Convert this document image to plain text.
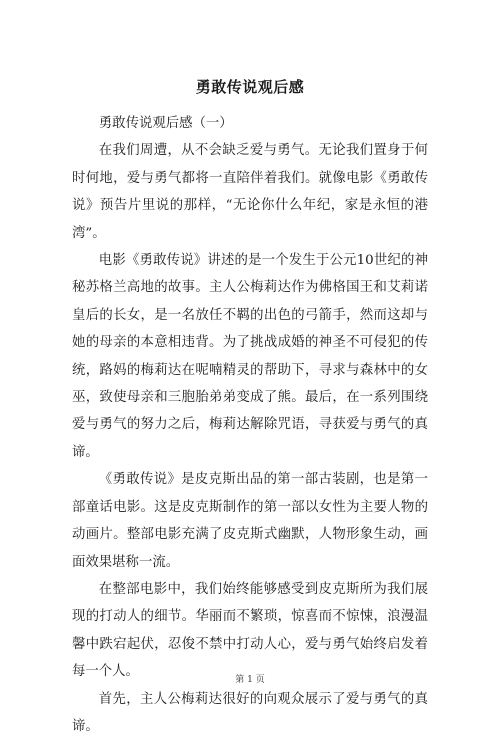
勇敢传说观后感

勇敢传说观后感（一）

在我们周遭，从不会缺乏爱与勇气。无论我们置身于何时何地，爱与勇气都将一直陪伴着我们。就像电影《勇敢传说》预告片里说的那样，“无论你什么年纪，家是永恒的港湾”。

电影《勇敢传说》讲述的是一个发生于公元10世纪的神秘苏格兰高地的故事。主人公梅莉达作为佛格国王和艾莉诺皇后的长女，是一名放任不羁的出色的弓箭手，然而这却与她的母亲的本意相违背。为了挑战成婚的神圣不可侵犯的传统，路妈的梅莉达在呢喃精灵的帮助下，寻求与森林中的女巫，致使母亲和三胞胎弟弟变成了熊。最后，在一系列围绕爱与勇气的努力之后，梅莉达解除咒语，寻获爱与勇气的真谛。

《勇敢传说》是皮克斯出品的第一部古装剧，也是第一部童话电影。这是皮克斯制作的第一部以女性为主要人物的动画片。整部电影充满了皮克斯式幽默，人物形象生动，画面效果堪称一流。

在整部电影中，我们始终能够感受到皮克斯所为我们展现的打动人的细节。华丽而不繁琐，惊喜而不惊悚，浪漫温馨中跌宕起伏，忍俊不禁中打动人心，爱与勇气始终启发着每一个人。

首先，主人公梅莉达很好的向观众展示了爱与勇气的真谛。

第 1 页
